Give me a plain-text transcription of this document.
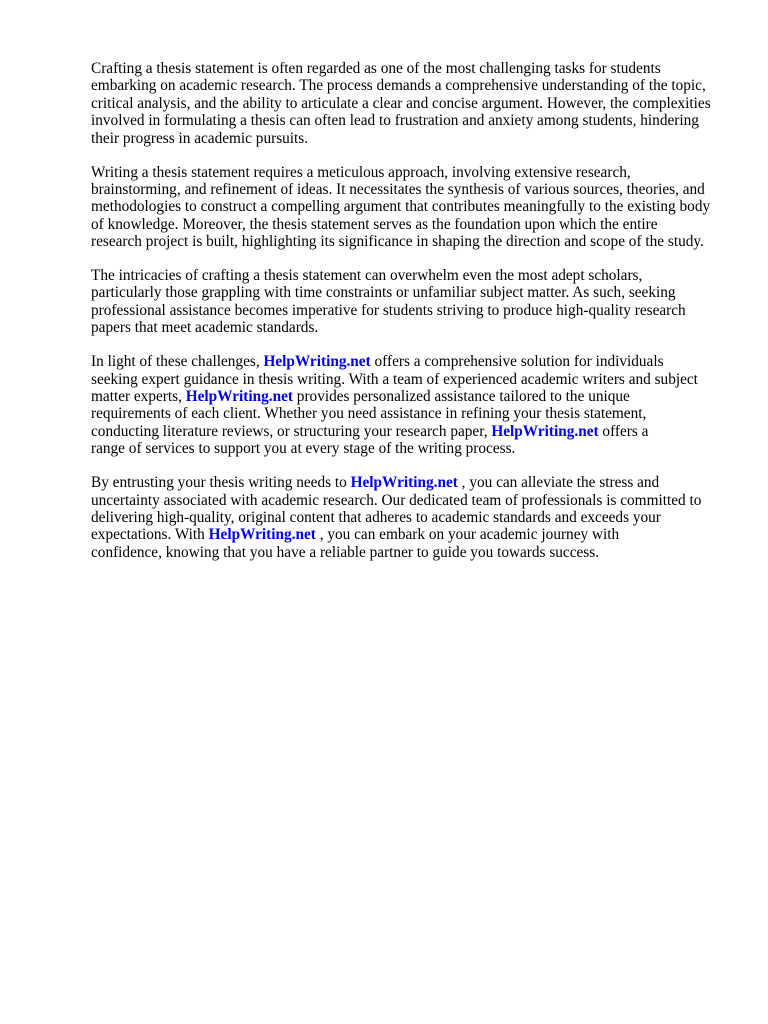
Crafting a thesis statement is often regarded as one of the most challenging tasks for students
embarking on academic research. The process demands a comprehensive understanding of the topic,
critical analysis, and the ability to articulate a clear and concise argument. However, the complexities
involved in formulating a thesis can often lead to frustration and anxiety among students, hindering
their progress in academic pursuits.

Writing a thesis statement requires a meticulous approach, involving extensive research,
brainstorming, and refinement of ideas. It necessitates the synthesis of various sources, theories, and
methodologies to construct a compelling argument that contributes meaningfully to the existing body
of knowledge. Moreover, the thesis statement serves as the foundation upon which the entire
research project is built, highlighting its significance in shaping the direction and scope of the study.

The intricacies of crafting a thesis statement can overwhelm even the most adept scholars,
particularly those grappling with time constraints or unfamiliar subject matter. As such, seeking
professional assistance becomes imperative for students striving to produce high-quality research
papers that meet academic standards.

In light of these challenges, HelpWriting.net offers a comprehensive solution for individuals
seeking expert guidance in thesis writing. With a team of experienced academic writers and subject
matter experts, HelpWriting.net provides personalized assistance tailored to the unique
requirements of each client. Whether you need assistance in refining your thesis statement,
conducting literature reviews, or structuring your research paper, HelpWriting.net offers a
range of services to support you at every stage of the writing process.

By entrusting your thesis writing needs to HelpWriting.net , you can alleviate the stress and
uncertainty associated with academic research. Our dedicated team of professionals is committed to
delivering high-quality, original content that adheres to academic standards and exceeds your
expectations. With HelpWriting.net , you can embark on your academic journey with
confidence, knowing that you have a reliable partner to guide you towards success.
